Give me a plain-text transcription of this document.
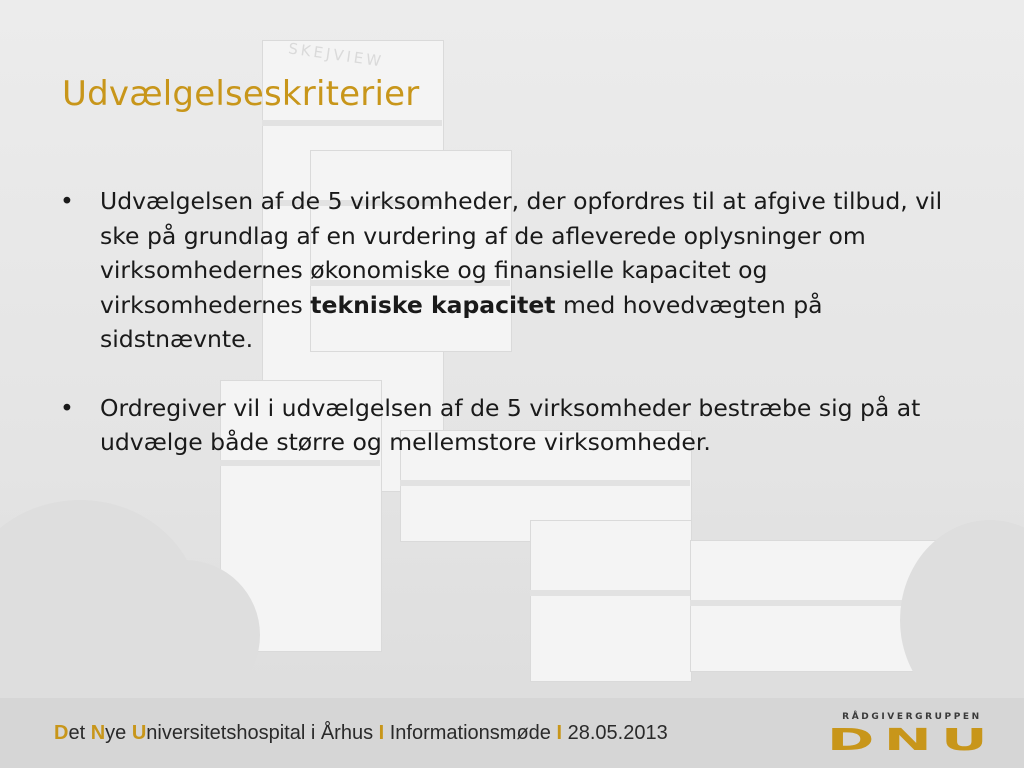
SKEJVIEW
Udvælgelseskriterier
• Udvælgelsen af de 5 virksomheder, der opfordres til at afgive tilbud, vil ske på grundlag af en vurdering af de afleverede oplysninger om virksomhedernes økonomiske og finansielle kapacitet og virksomhedernes tekniske kapacitet med hovedvægten på sidstnævnte.
• Ordregiver vil i udvælgelsen af de 5 virksomheder bestræbe sig på at udvælge både større og mellemstore virksomheder.
Det Nye Universitetshospital i Århus I Informationsmøde I 28.05.2013
RÅDGIVERGRUPPEN
DNU
